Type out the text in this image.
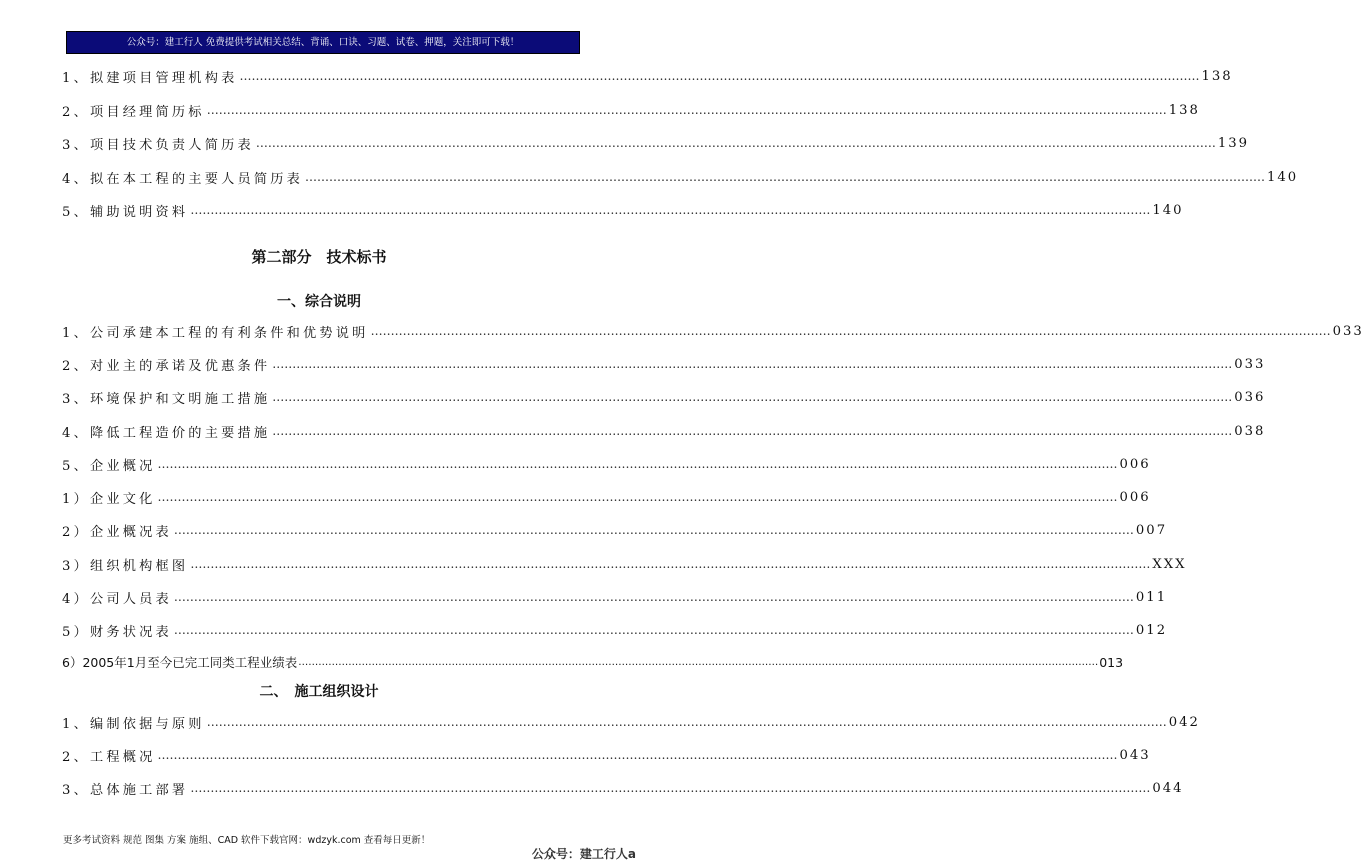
公众号：建工行人 免费提供考试相关总结、背诵、口诀、习题、试卷、押题，关注即可下载！
1、拟建项目管理机构表 …………………………………………………………………………………………………………………………………………………………………………………………………………………… 138
2、项目经理简历标 …………………………………………………………………………………………………………………………………………………………………………………………………………………… 138
3、项目技术负责人简历表 …………………………………………………………………………………………………………………………………………………………………………………………………………………… 139
4、拟在本工程的主要人员简历表 …………………………………………………………………………………………………………………………………………………………………………………………………………………… 140
5、辅助说明资料 …………………………………………………………………………………………………………………………………………………………………………………………………………………… 140
第二部分　技术标书
一、综合说明
1、公司承建本工程的有利条件和优势说明 …………………………………………………………………………………………………………………………………………………………………………………………………………………… 033
2、对业主的承诺及优惠条件 …………………………………………………………………………………………………………………………………………………………………………………………………………………… 033
3、环境保护和文明施工措施 …………………………………………………………………………………………………………………………………………………………………………………………………………………… 036
4、降低工程造价的主要措施 …………………………………………………………………………………………………………………………………………………………………………………………………………………… 038
5、企业概况 …………………………………………………………………………………………………………………………………………………………………………………………………………………… 006
1）企业文化 …………………………………………………………………………………………………………………………………………………………………………………………………………………… 006
2）企业概况表 …………………………………………………………………………………………………………………………………………………………………………………………………………………… 007
3）组织机构框图 …………………………………………………………………………………………………………………………………………………………………………………………………………………… XXX
4）公司人员表 …………………………………………………………………………………………………………………………………………………………………………………………………………………… 011
5）财务状况表 …………………………………………………………………………………………………………………………………………………………………………………………………………………… 012
6）2005年1月至今已完工同类工程业绩表 …………………………………………………………………………………………………………………………………………………………………………………………………………………… 013
二、　施工组织设计
1、编制依据与原则 …………………………………………………………………………………………………………………………………………………………………………………………………………………… 042
2、工程概况 …………………………………………………………………………………………………………………………………………………………………………………………………………………… 043
3、总体施工部署 …………………………………………………………………………………………………………………………………………………………………………………………………………………… 044
更多考试资料 规范 图集 方案 施组、CAD 软件下载官网：wdzyk.com 查看每日更新！
公众号：建工行人a
